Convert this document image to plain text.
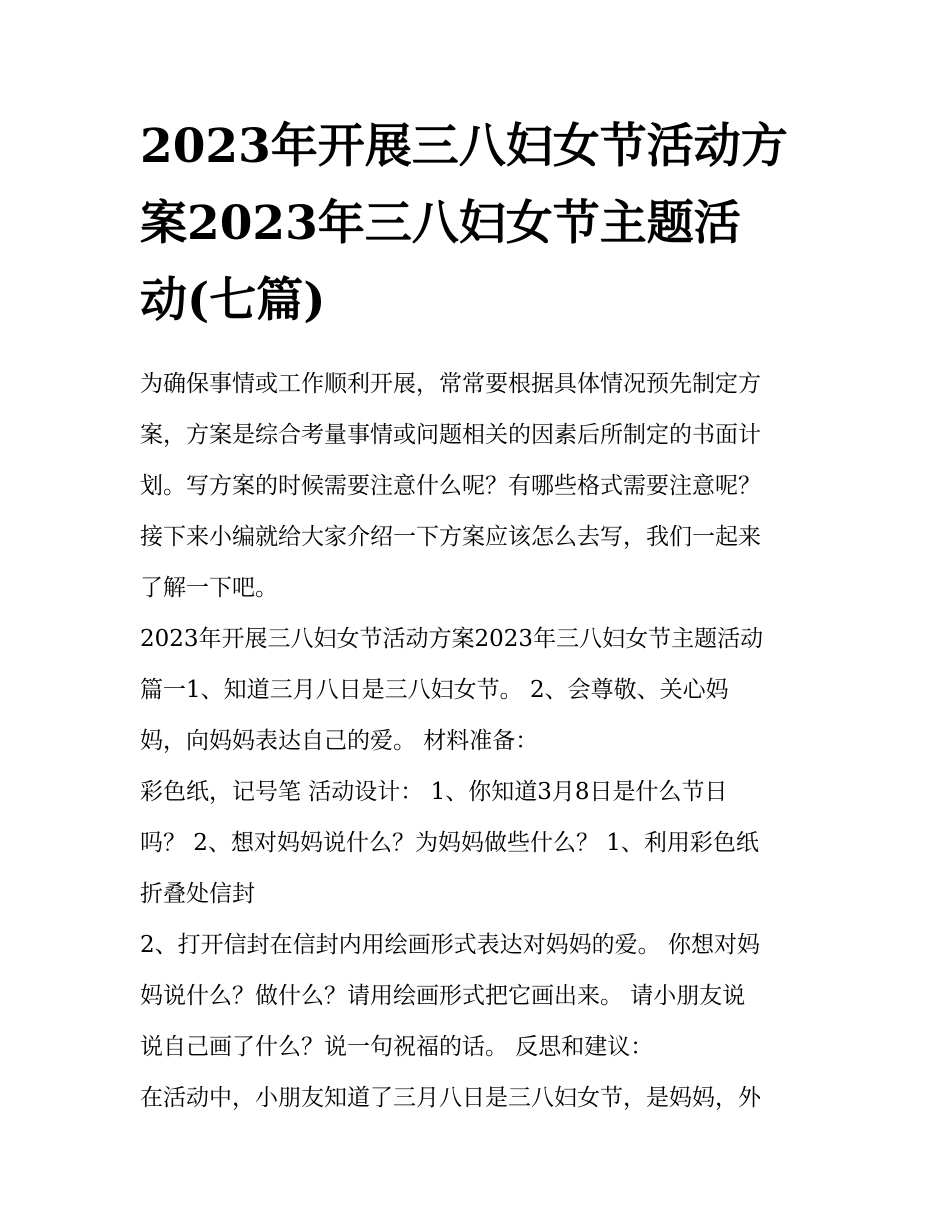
2023年开展三八妇女节活动方
案2023年三八妇女节主题活
动(七篇)

为确保事情或工作顺利开展，常常要根据具体情况预先制定方
案，方案是综合考量事情或问题相关的因素后所制定的书面计
划。写方案的时候需要注意什么呢？有哪些格式需要注意呢？
接下来小编就给大家介绍一下方案应该怎么去写，我们一起来
了解一下吧。

2023年开展三八妇女节活动方案2023年三八妇女节主题活动
篇一1、知道三月八日是三八妇女节。 2、会尊敬、关心妈
妈，向妈妈表达自己的爱。 材料准备：

彩色纸，记号笔 活动设计： 1、你知道3月8日是什么节日
吗？ 2、想对妈妈说什么？为妈妈做些什么？ 1、利用彩色纸
折叠处信封

2、打开信封在信封内用绘画形式表达对妈妈的爱。 你想对妈
妈说什么？做什么？请用绘画形式把它画出来。 请小朋友说
说自己画了什么？说一句祝福的话。 反思和建议：

在活动中，小朋友知道了三月八日是三八妇女节，是妈妈，外
